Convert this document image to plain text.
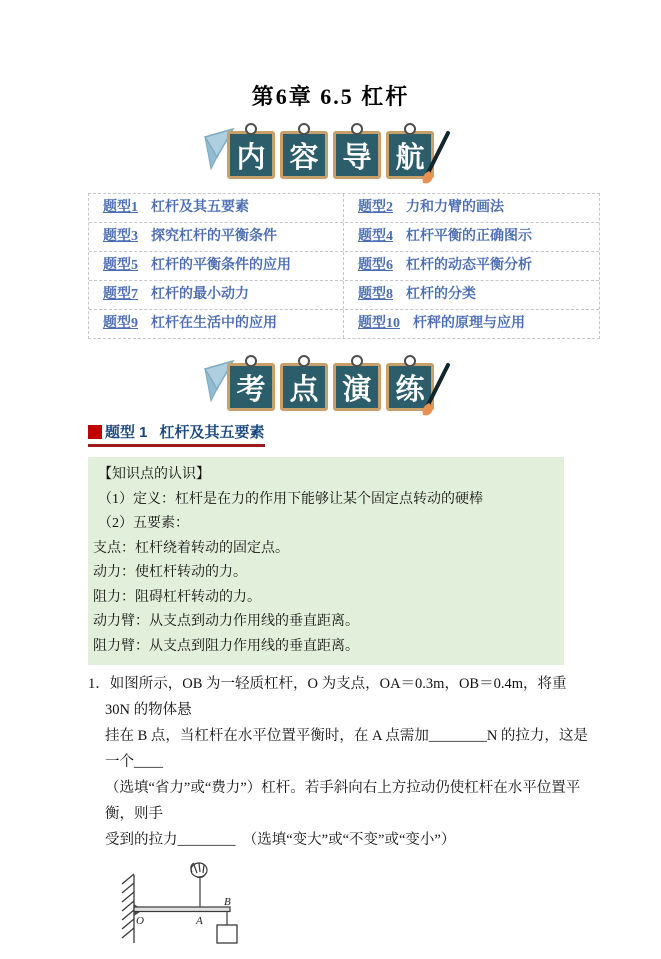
第6章 6.5 杠杆
内 容 导 航
题型1 杠杆及其五要素	题型2 力和力臂的画法
题型3 探究杠杆的平衡条件	题型4 杠杆平衡的正确图示
题型5 杠杆的平衡条件的应用	题型6 杠杆的动态平衡分析
题型7 杠杆的最小动力	题型8 杠杆的分类
题型9 杠杆在生活中的应用	题型10 杆秤的原理与应用
考 点 演 练
题型 1 杠杆及其五要素

【知识点的认识】

（1）定义：杠杆是在力的作用下能够让某个固定点转动的硬棒

（2）五要素：

支点：杠杆绕着转动的固定点。

动力：使杠杆转动的力。

阻力：阻碍杠杆转动的力。

动力臂：从支点到动力作用线的垂直距离。

阻力臂：从支点到阻力作用线的垂直距离。

1．如图所示，OB 为一轻质杠杆，O 为支点，OA＝0.3m，OB＝0.4m，将重 30N 的物体悬

挂在 B 点，当杠杆在水平位置平衡时，在 A 点需加________N 的拉力，这是一个____

（选填“省力”或“费力”）杠杆。若手斜向右上方拉动仍使杠杆在水平位置平衡，则手

受到的拉力________　（选填“变大”或“不变”或“变小”）

O	A
B
